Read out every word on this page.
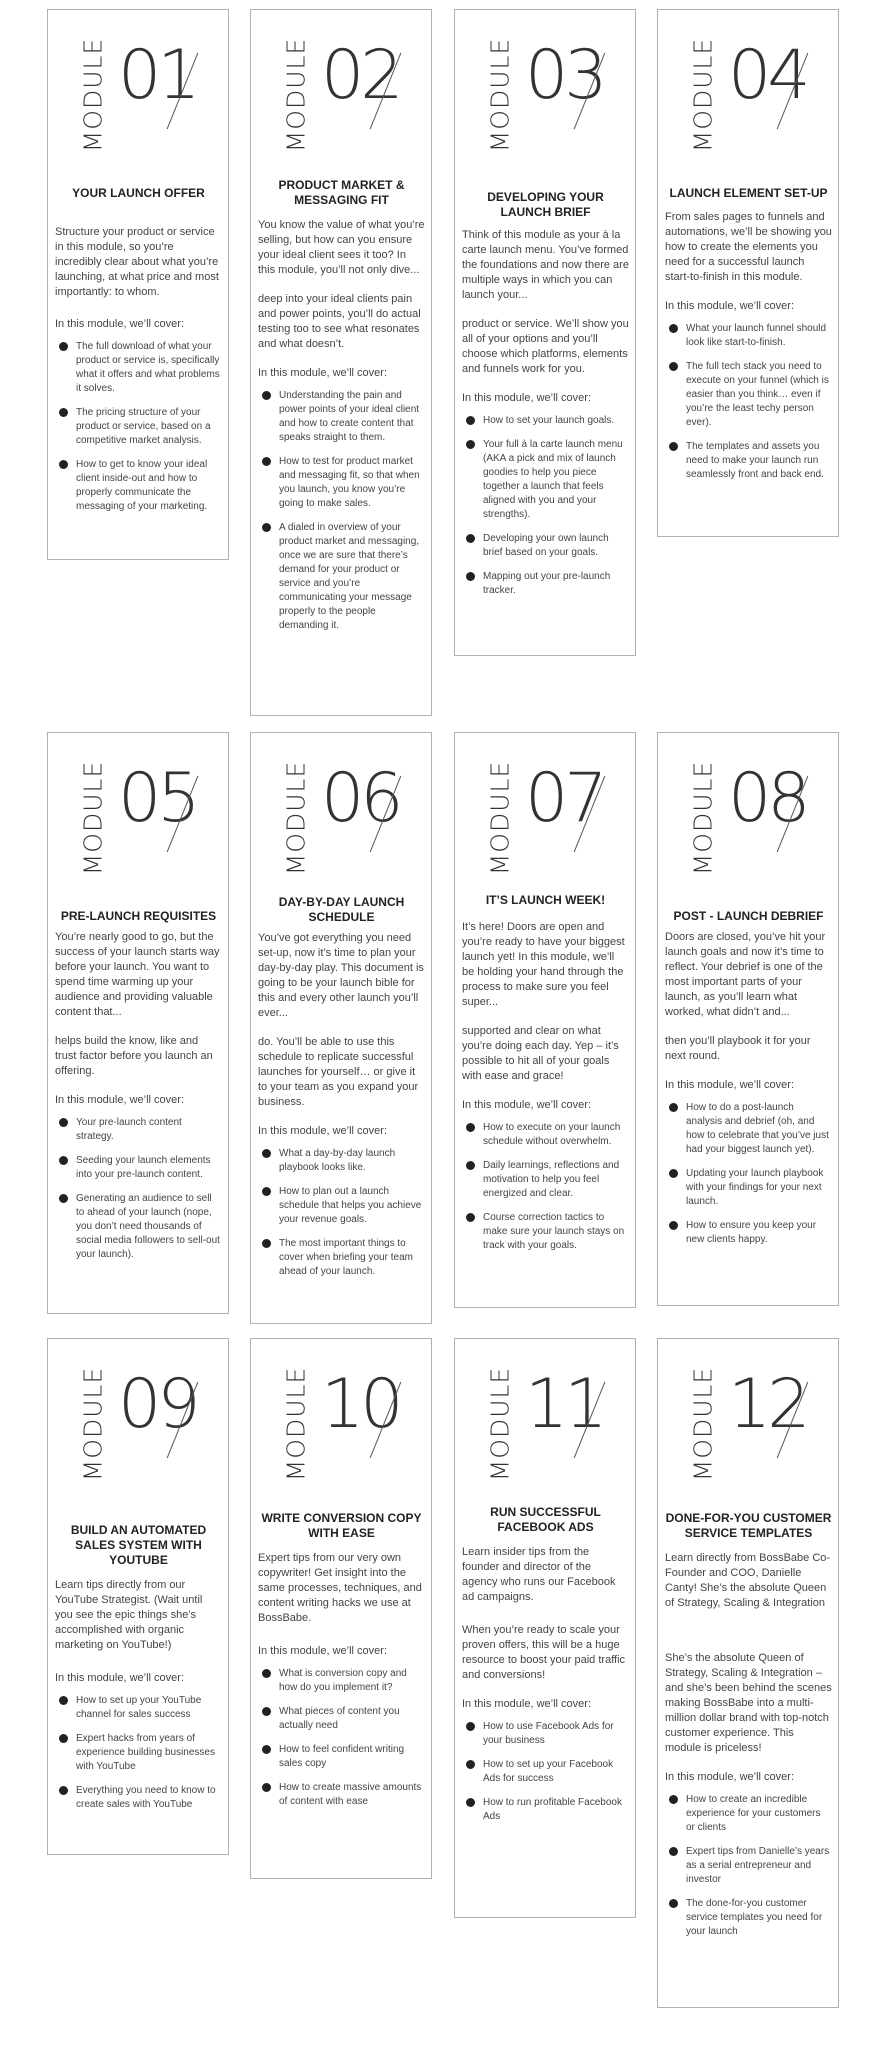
MODULE 01
YOUR LAUNCH OFFER
Structure your product or service in this module, so you’re incredibly clear about what you’re launching, at what price and most importantly: to whom.
In this module, we’ll cover:
The full download of what your product or service is, specifically what it offers and what problems it solves.
The pricing structure of your product or service, based on a competitive market analysis.
How to get to know your ideal client inside-out and how to properly communicate the messaging of your marketing.
MODULE 02
PRODUCT MARKET & MESSAGING FIT
You know the value of what you’re selling, but how can you ensure your ideal client sees it too? In this module, you’ll not only dive...
deep into your ideal clients pain and power points, you’ll do actual testing too to see what resonates and what doesn’t.
In this module, we’ll cover:
Understanding the pain and power points of your ideal client and how to create content that speaks straight to them.
How to test for product market and messaging fit, so that when you launch, you know you’re going to make sales.
A dialed in overview of your product market and messaging, once we are sure that there’s demand for your product or service and you’re communicating your message properly to the people demanding it.
MODULE 03
DEVELOPING YOUR LAUNCH BRIEF
Think of this module as your à la carte launch menu. You’ve formed the foundations and now there are multiple ways in which you can launch your...
product or service. We’ll show you all of your options and you’ll choose which platforms, elements and funnels work for you.
In this module, we’ll cover:
How to set your launch goals.
Your full à la carte launch menu (AKA a pick and mix of launch goodies to help you piece together a launch that feels aligned with you and your strengths).
Developing your own launch brief based on your goals.
Mapping out your pre-launch tracker.
MODULE 04
LAUNCH ELEMENT SET-UP
From sales pages to funnels and automations, we’ll be showing you how to create the elements you need for a successful launch start-to-finish in this module.
In this module, we’ll cover:
What your launch funnel should look like start-to-finish.
The full tech stack you need to execute on your funnel (which is easier than you think… even if you’re the least techy person ever).
The templates and assets you need to make your launch run seamlessly front and back end.
MODULE 05
PRE-LAUNCH REQUISITES
You’re nearly good to go, but the success of your launch starts way before your launch. You want to spend time warming up your audience and providing valuable content that...
helps build the know, like and trust factor before you launch an offering.
In this module, we’ll cover:
Your pre-launch content strategy.
Seeding your launch elements into your pre-launch content.
Generating an audience to sell to ahead of your launch (nope, you don’t need thousands of social media followers to sell-out your launch).
MODULE 06
DAY-BY-DAY LAUNCH SCHEDULE
You’ve got everything you need set-up, now it’s time to plan your day-by-day play. This document is going to be your launch bible for this and every other launch you’ll ever...
do. You’ll be able to use this schedule to replicate successful launches for yourself… or give it to your team as you expand your business.
In this module, we’ll cover:
What a day-by-day launch playbook looks like.
How to plan out a launch schedule that helps you achieve your revenue goals.
The most important things to cover when briefing your team ahead of your launch.
MODULE 07
IT’S LAUNCH WEEK!
It’s here! Doors are open and you’re ready to have your biggest launch yet! In this module, we’ll be holding your hand through the process to make sure you feel super...
supported and clear on what you’re doing each day. Yep – it’s possible to hit all of your goals with ease and grace!
In this module, we’ll cover:
How to execute on your launch schedule without overwhelm.
Daily learnings, reflections and motivation to help you feel energized and clear.
Course correction tactics to make sure your launch stays on track with your goals.
MODULE 08
POST - LAUNCH DEBRIEF
Doors are closed, you’ve hit your launch goals and now it’s time to reflect. Your debrief is one of the most important parts of your launch, as you’ll learn what worked, what didn’t and...
then you’ll playbook it for your next round.
In this module, we’ll cover:
How to do a post-launch analysis and debrief (oh, and how to celebrate that you’ve just had your biggest launch yet).
Updating your launch playbook with your findings for your next launch.
How to ensure you keep your new clients happy.
MODULE 09
BUILD AN AUTOMATED SALES SYSTEM WITH YOUTUBE
Learn tips directly from our YouTube Strategist. (Wait until you see the epic things she’s accomplished with organic marketing on YouTube!)
In this module, we’ll cover:
How to set up your YouTube channel for sales success
Expert hacks from years of experience building businesses with YouTube
Everything you need to know to create sales with YouTube
MODULE 10
WRITE CONVERSION COPY WITH EASE
Expert tips from our very own copywriter! Get insight into the same processes, techniques, and content writing hacks we use at BossBabe.
In this module, we’ll cover:
What is conversion copy and how do you implement it?
What pieces of content you actually need
How to feel confident writing sales copy
How to create massive amounts of content with ease
MODULE 11
RUN SUCCESSFUL FACEBOOK ADS
Learn insider tips from the founder and director of the agency who runs our Facebook ad campaigns.
When you’re ready to scale your proven offers, this will be a huge resource to boost your paid traffic and conversions!
In this module, we’ll cover:
How to use Facebook Ads for your business
How to set up your Facebook Ads for success
How to run profitable Facebook Ads
MODULE 12
DONE-FOR-YOU CUSTOMER SERVICE TEMPLATES
Learn directly from BossBabe Co-Founder and COO, Danielle Canty! She’s the absolute Queen of Strategy, Scaling & Integration
She’s the absolute Queen of Strategy, Scaling & Integration – and she’s been behind the scenes making BossBabe into a multi-million dollar brand with top-notch customer experience. This module is priceless!
In this module, we’ll cover:
How to create an incredible experience for your customers or clients
Expert tips from Danielle’s years as a serial entrepreneur and investor
The done-for-you customer service templates you need for your launch
